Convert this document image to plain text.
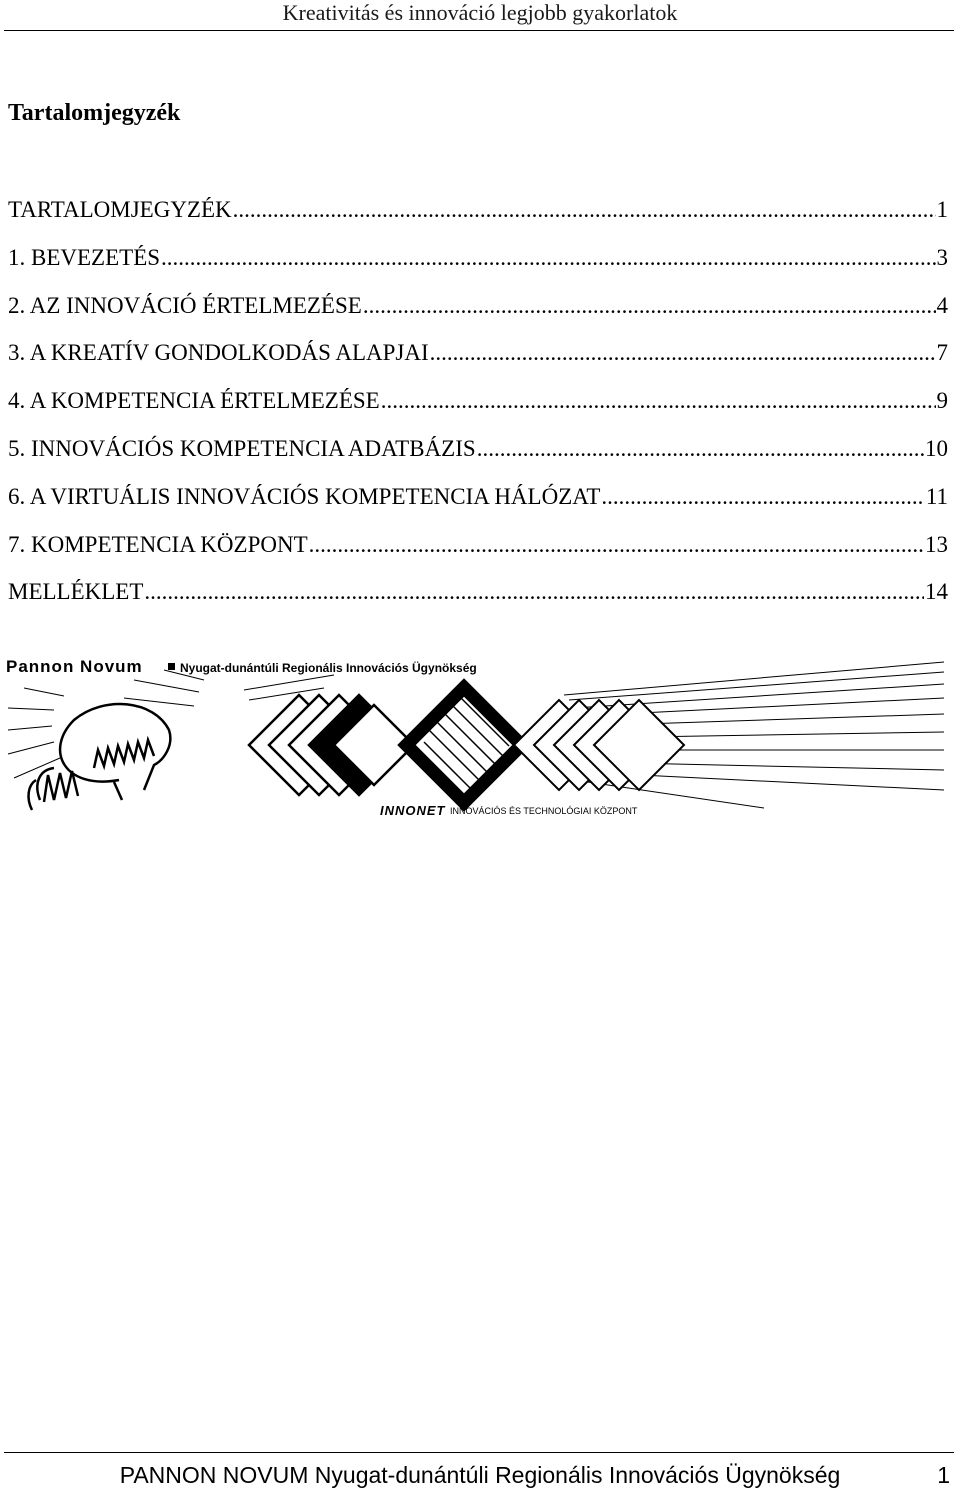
Kreativitás és innováció legjobb gyakorlatok
Tartalomjegyzék
TARTALOMJEGYZÉK .....	1
1. BEVEZETÉS .....	3
2. AZ INNOVÁCIÓ ÉRTELMEZÉSE .....	4
3. A KREATÍV GONDOLKODÁS ALAPJAI .....	7
4. A KOMPETENCIA ÉRTELMEZÉSE .....	9
5. INNOVÁCIÓS KOMPETENCIA ADATBÁZIS .....	10
6. A VIRTUÁLIS INNOVÁCIÓS KOMPETENCIA HÁLÓZAT .....	11
7. KOMPETENCIA KÖZPONT .....	13
MELLÉKLET .....	14
Pannon Novum	Nyugat-dunántúli Regionális Innovációs Ügynökség
INNONET INNOVÁCIÓS ÉS TECHNOLÓGIAI KÖZPONT
PANNON NOVUM Nyugat-dunántúli Regionális Innovációs Ügynökség	1
